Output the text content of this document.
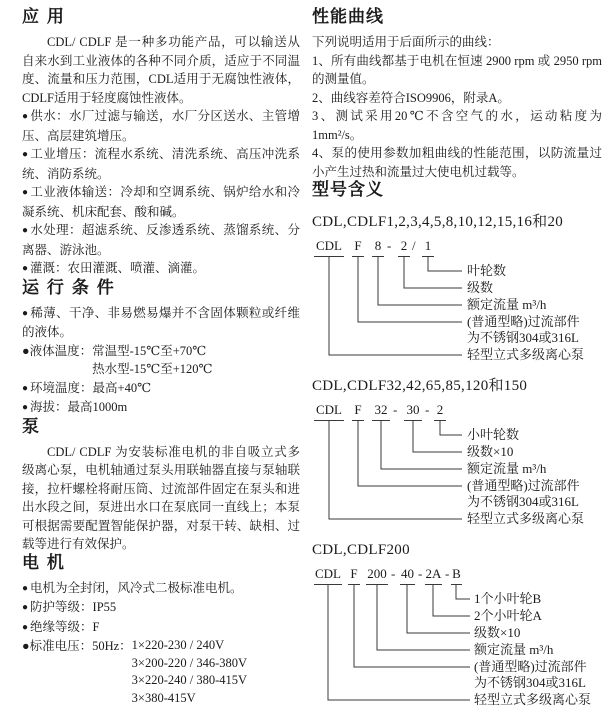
应 用

CDL/ CDLF 是一种多功能产品，可以输送从自来水到工业液体的各种不同介质，适应于不同温度、流量和压力范围，CDL适用于无腐蚀性液体，CDLF适用于轻度腐蚀性液体。

● 供水：水厂过滤与输送，水厂分区送水、主管增压、高层建筑增压。

● 工业增压：流程水系统、清洗系统、高压冲洗系统、消防系统。

● 工业液体输送：冷却和空调系统、锅炉给水和冷凝系统、机床配套、酸和碱。

● 水处理：超滤系统、反渗透系统、蒸馏系统、分离器、游泳池。

● 灌溉：农田灌溉、喷灌、滴灌。

运 行 条 件

● 稀薄、干净、非易燃易爆并不含固体颗粒或纤维的液体。

●液体温度： 常温型-15℃至+70℃
热水型-15℃至+120℃

● 环境温度：最高+40℃

● 海拔：最高1000m

泵

CDL/ CDLF 为安装标准电机的非自吸立式多级离心泵，电机轴通过泵头用联轴器直接与泵轴联接，拉杆螺栓将耐压筒、过流部件固定在泵头和进出水段之间，泵进出水口在泵底同一直线上；本泵可根据需要配置智能保护器，对泵干转、缺相、过载等进行有效保护。

电 机

● 电机为全封闭，风冷式二极标准电机。

● 防护等级：IP55

● 绝缘等级：F

●标准电压：50Hz： 1×220-230 / 240V
3×200-220 / 346-380V
3×220-240 / 380-415V
3×380-415V
性能曲线

下列说明适用于后面所示的曲线：

1、所有曲线都基于电机在恒速 2900 rpm 或 2950 rpm 的测量值。

2、曲线容差符合ISO9906，附录A。

3、测试采用20℃不含空气的水，运动粘度为1mm²/s。

4、泵的使用参数加粗曲线的性能范围，以防流量过小产生过热和流量过大使电机过载等。

型号含义
CDL,CDLF1,2,3,4,5,8,10,12,15,16和20
CDL F 8 - 2 / 1
叶轮数
级数
额定流量 m³/h
(普通型略)过流部件
为不锈钢304或316L
轻型立式多级离心泵
CDL,CDLF32,42,65,85,120和150
CDL F 32 - 30 - 2
小叶轮数
级数×10
额定流量 m³/h
(普通型略)过流部件
为不锈钢304或316L
轻型立式多级离心泵
CDL,CDLF200
CDL F 200 - 40 - 2A - B
1个小叶轮B
2个小叶轮A
级数×10
额定流量 m³/h
(普通型略)过流部件
为不锈钢304或316L
轻型立式多级离心泵
